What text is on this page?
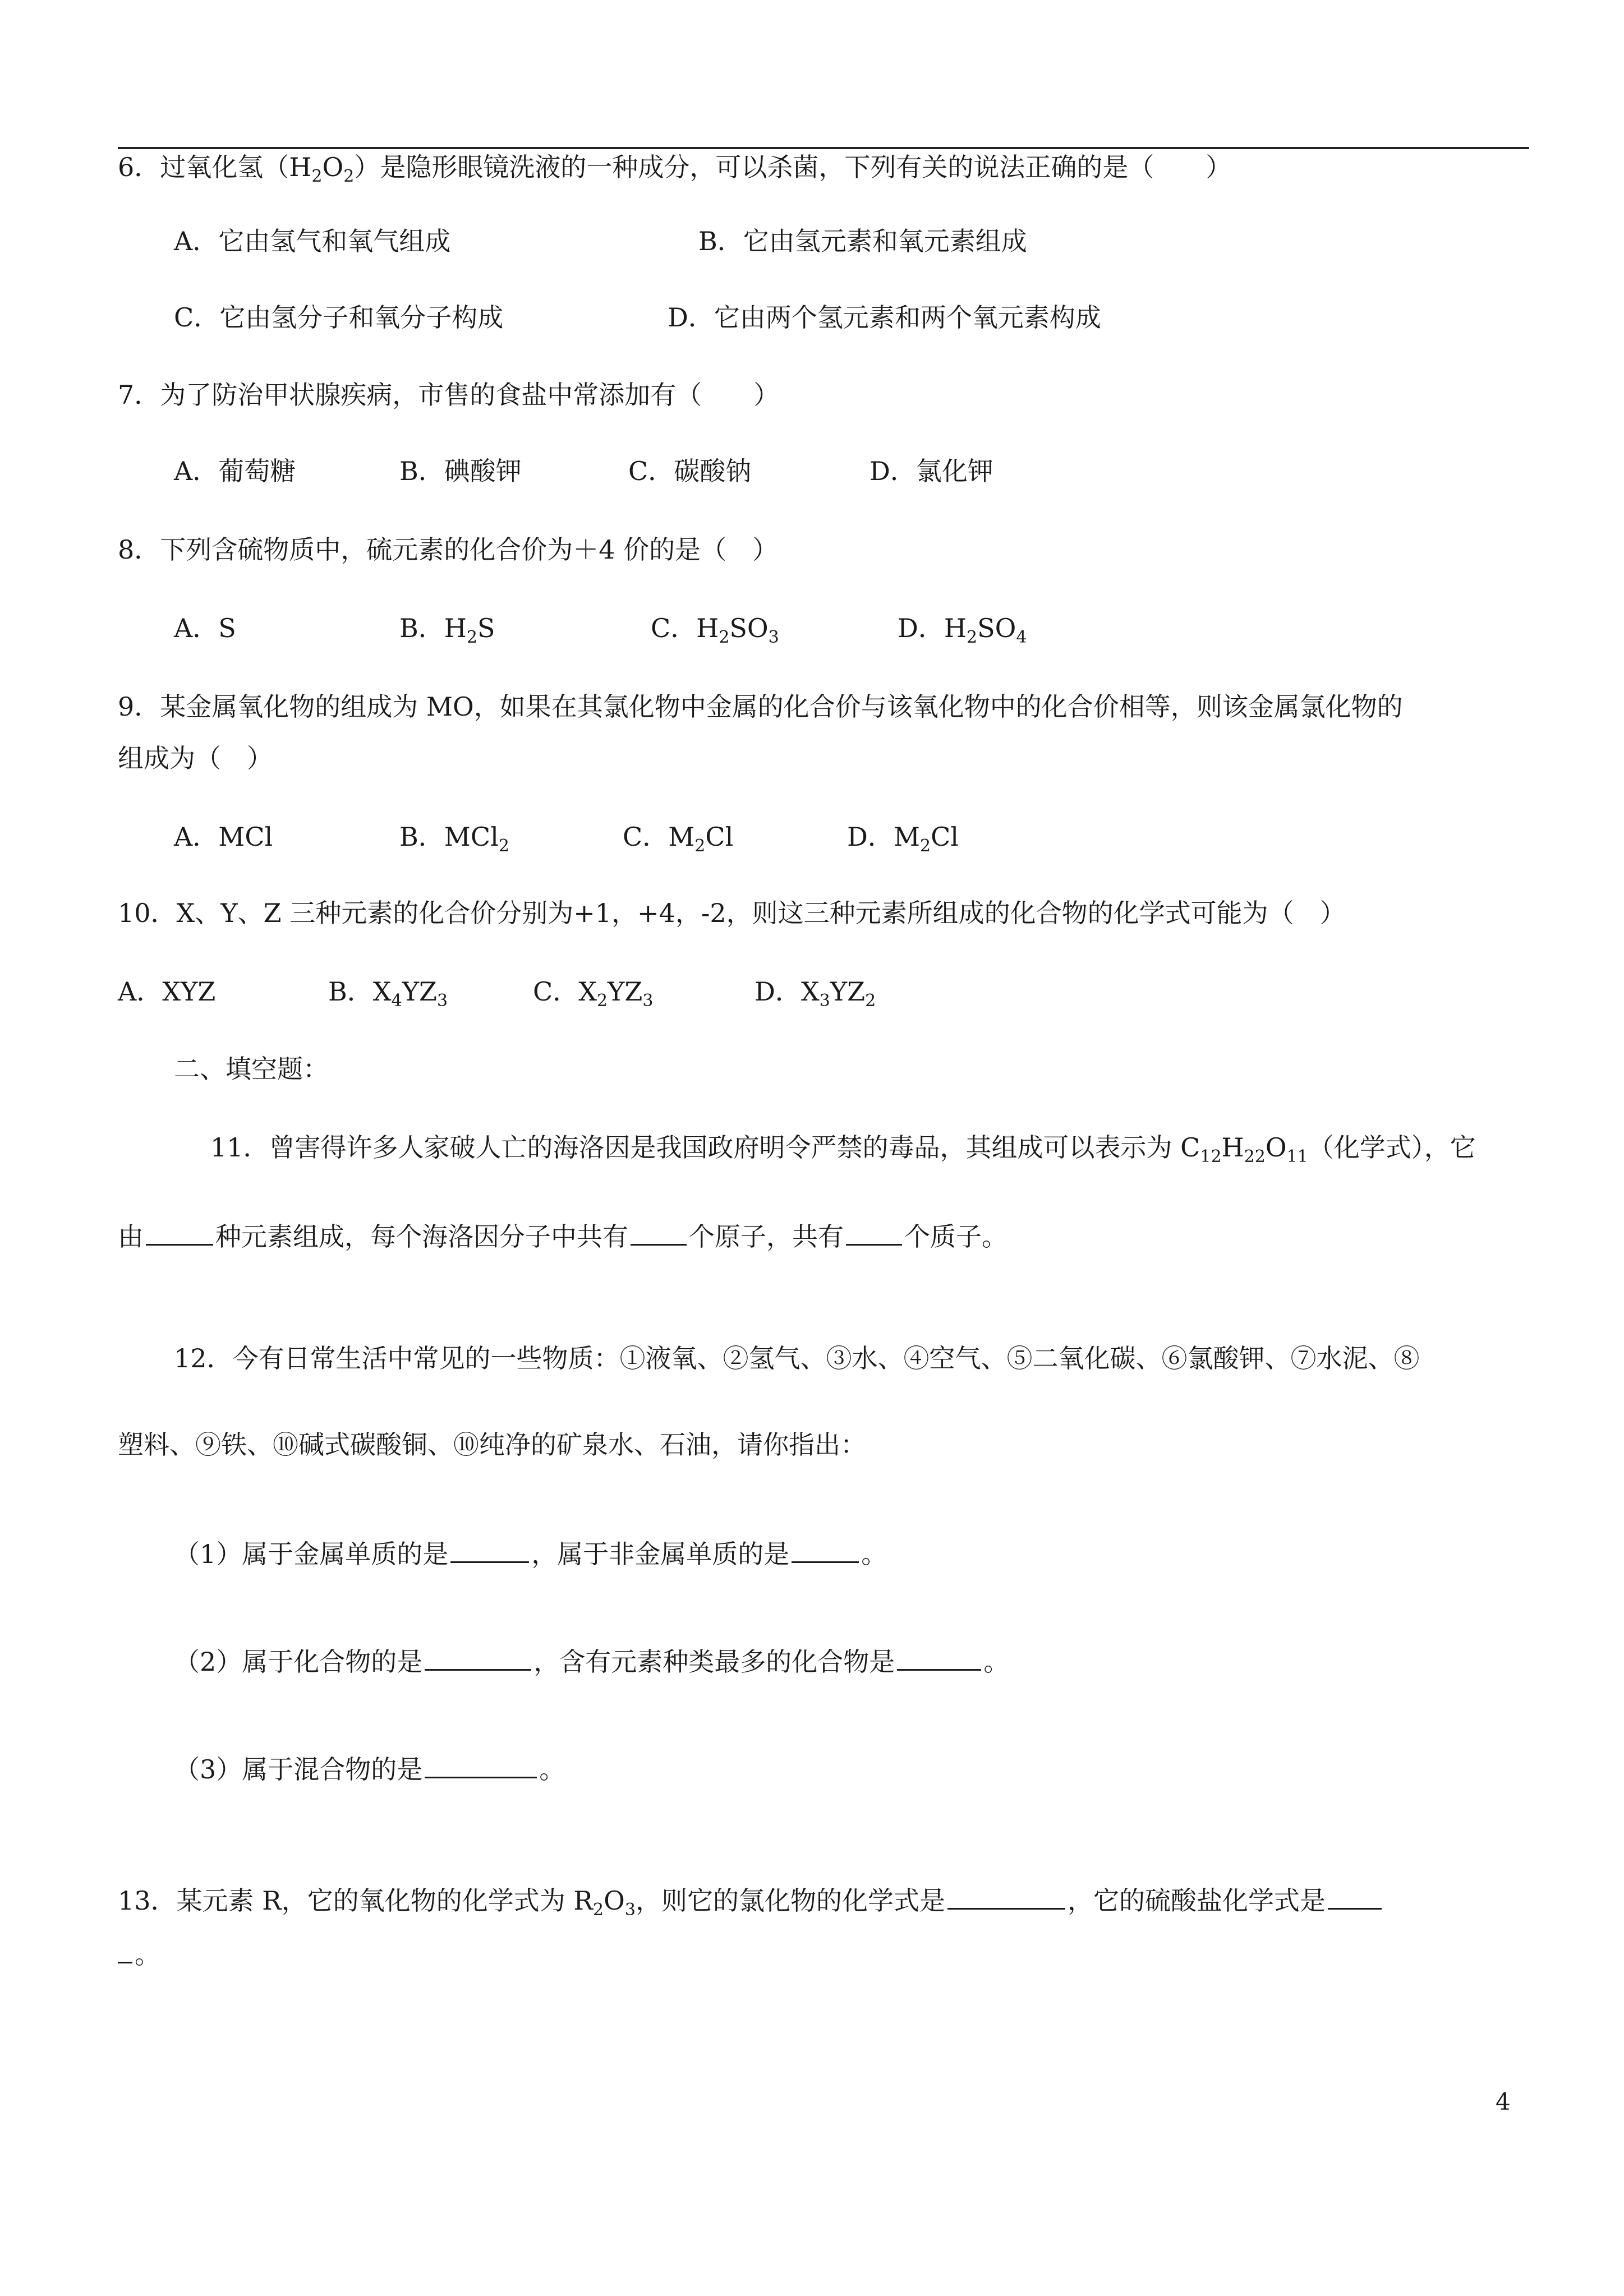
6．过氧化氢$(H_2O_2)$是隐形眼镜洗液的一种成分，可以杀菌，下列有关的说法正确的是（　　）
A．它由氢气和氧气组成	B．它由氢元素和氧元素组成
C．它由氢分子和氧分子构成	D．它由两个氢元素和两个氧元素构成
7．为了防治甲状腺疾病，市售的食盐中常添加有（　　）
A．葡萄糖	B．碘酸钾	C．碳酸钠	D．氯化钾
8．下列含硫物质中，硫元素的化合价为＋4 价的是（　）
A．S	B．$H_2S$	C．$H_2SO_3$	D．$H_2SO_4$
9．某金属氧化物的组成为 MO，如果在其氯化物中金属的化合价与该氧化物中的化合价相等，则该金属氯化物的
组成为（　）
A．MCl	B．MCl$_2$	C．$M_2Cl$	D．$M_2Cl$
10．X、Y、Z 三种元素的化合价分别为+1，+4，-2，则这三种元素所组成的化合物的化学式可能为（　）
A．XYZ	B．$X_4YZ_3$	C．$X_2YZ_3$	D．$X_3YZ_2$
二、填空题：
11．曾害得许多人家破人亡的海洛因是我国政府明令严禁的毒品，其组成可以表示为 $C_{12}H_{22}O_{11}$（化学式），它
由	种元素组成，每个海洛因分子中共有 个原子，共有 个质子。
12．今有日常生活中常见的一些物质：①液氧、②氢气、③水、④空气、⑤二氧化碳、⑥氯酸钾、⑦水泥、⑧
塑料、⑨铁、⑩碱式碳酸铜、⑩纯净的矿泉水、石油，请你指出：
（1）属于金属单质的是	，属于非金属单质的是	。
（2）属于化合物的是	，含有元素种类最多的化合物是	。
（3）属于混合物的是	。
13．某元素 R，它的氧化物的化学式为 $R_2O_3$，则它的氯化物的化学式是	，它的硫酸盐化学式是
。
4
